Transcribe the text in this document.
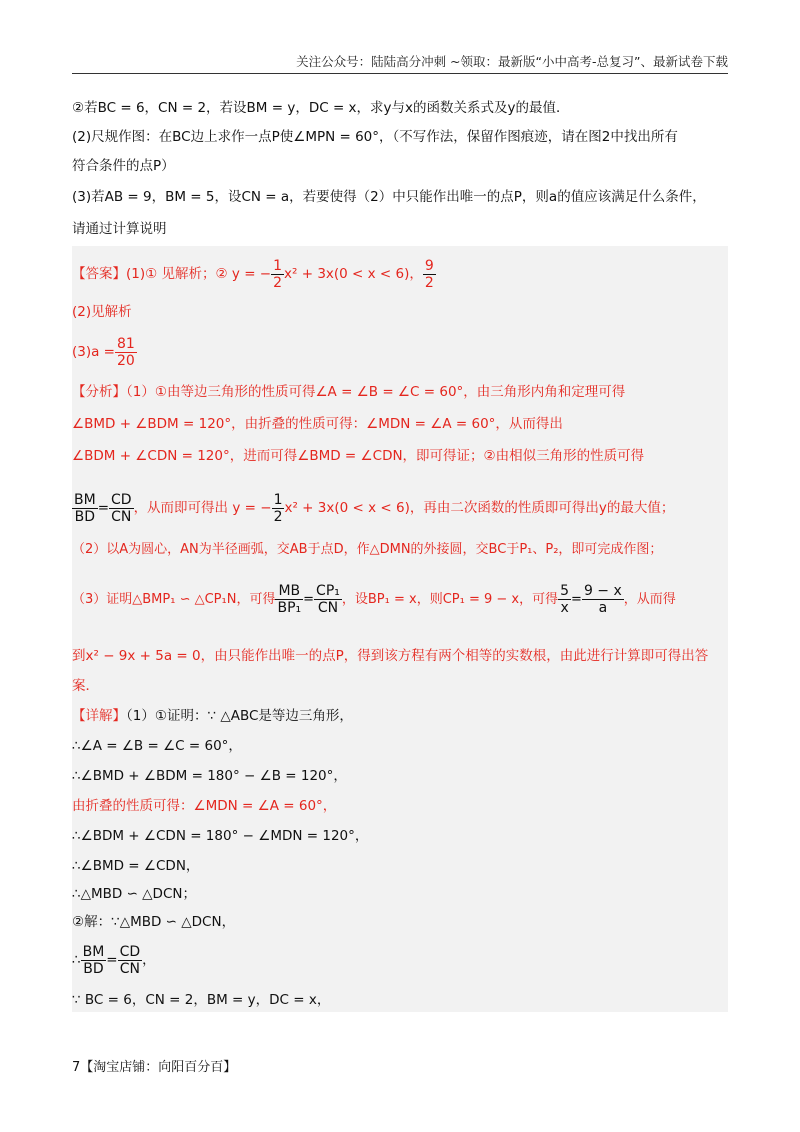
关注公众号：陆陆高分冲刺 ~领取：最新版“小中高考-总复习”、最新试卷下载
②若BC = 6，CN = 2，若设BM = y，DC = x，求y与x的函数关系式及y的最值．
(2)尺规作图：在BC边上求作一点P使∠MPN = 60°，（不写作法，保留作图痕迹，请在图2中找出所有
符合条件的点P）
(3)若AB = 9，BM = 5，设CN = a，若要使得（2）中只能作出唯一的点P，则a的值应该满足什么条件，
请通过计算说明
【答案】(1)① 见解析；② y = − $\frac{1}{2} x^2 + 3x(0 < x < 6)$， $\frac{9}{2}$
(2)见解析
$(3)a = \frac{81}{20}$
【分析】（1）①由等边三角形的性质可得∠A = ∠B = ∠C = 60°，由三角形内角和定理可得
∠BMD + ∠BDM = 120°，由折叠的性质可得：∠MDN = ∠A = 60°，从而得出
∠BDM + ∠CDN = 120°，进而可得∠BMD = ∠CDN，即可得证；②由相似三角形的性质可得
$\frac{BM}{BD} = \frac{CD}{CN}$ ，从而即可得出 y = − $\frac{1}{2} x^2 + 3x(0 < x < 6)$，再由二次函数的性质即可得出y的最大值；
（2）以A为圆心，AN为半径画弧，交AB于点D，作△DMN的外接圆，交BC于P₁、P₂，即可完成作图；
（3）证明△BMP₁ ∽ △CP₁N，可得 $\frac{MB}{\text{BP₁}} = \frac{\text{CP₁}}{CN}$ ，设BP₁ = x，则CP₁ = 9 − x，可得 $\frac{5}{x} = \frac{9 - x}{a}$ ，从而得
到x² − 9x + 5a = 0，由只能作出唯一的点P，得到该方程有两个相等的实数根，由此进行计算即可得出答
案．
【详解】（1）①证明：∵ △ABC是等边三角形，
∴∠A = ∠B = ∠C = 60°，
∴∠BMD + ∠BDM = 180° − ∠B = 120°，
由折叠的性质可得：∠MDN = ∠A = 60°，
∴∠BDM + ∠CDN = 180° − ∠MDN = 120°，
∴∠BMD = ∠CDN，
∴△MBD ∽ △DCN；
②解：∵△MBD ∽ △DCN，
∴ $\frac{BM}{BD} = \frac{CD}{CN}$ ，
∵ BC = 6，CN = 2，BM = y，DC = x，
7【淘宝店铺：向阳百分百】
